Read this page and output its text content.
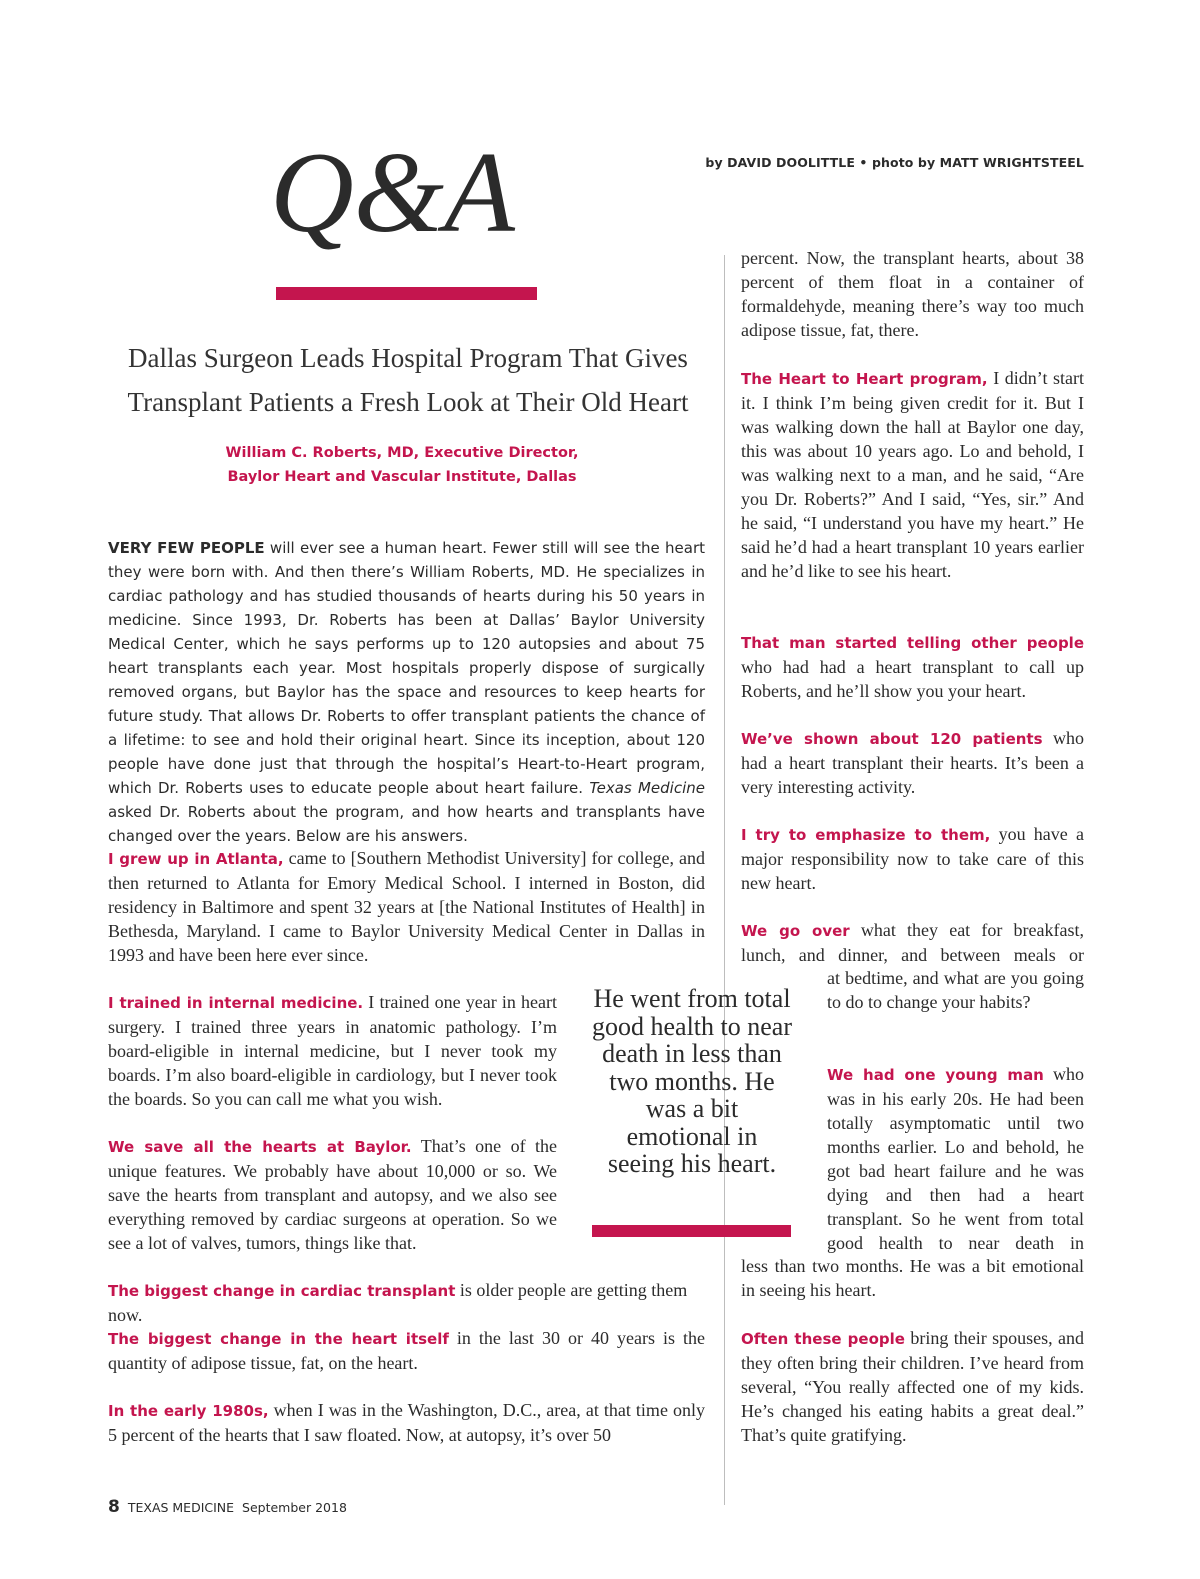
by DAVID DOOLITTLE • photo by MATT WRIGHTSTEEL
Q&A
Dallas Surgeon Leads Hospital Program That Gives
Transplant Patients a Fresh Look at Their Old Heart
William C. Roberts, MD, Executive Director,
Baylor Heart and Vascular Institute, Dallas

VERY FEW PEOPLE will ever see a human heart. Fewer still will see the heart they were born with. And then there’s William Roberts, MD. He specializes in cardiac pathology and has studied thousands of hearts during his 50 years in medicine. Since 1993, Dr. Roberts has been at Dallas’ Baylor University Medical Center, which he says performs up to 120 autopsies and about 75 heart transplants each year. Most hospitals properly dispose of surgically removed organs, but Baylor has the space and resources to keep hearts for future study. That allows Dr. Roberts to offer transplant patients the chance of a lifetime: to see and hold their original heart. Since its inception, about 120 people have done just that through the hospital’s Heart-to-Heart program, which Dr. Roberts uses to educate people about heart failure. Texas Medicine asked Dr. Roberts about the program, and how hearts and transplants have changed over the years. Below are his answers.

I grew up in Atlanta, came to [Southern Methodist University] for college, and then returned to Atlanta for Emory Medical School. I interned in Boston, did residency in Baltimore and spent 32 years at [the National Institutes of Health] in Bethesda, Maryland. I came to Baylor University Medical Center in Dallas in 1993 and have been here ever since.

I trained in internal medicine. I trained one year in heart surgery. I trained three years in anatomic pathology. I’m board-eligible in internal medicine, but I never took my boards. I’m also board-eligible in cardiology, but I never took the boards. So you can call me what you wish.

We save all the hearts at Baylor. That’s one of the unique features. We probably have about 10,000 or so. We save the hearts from transplant and autopsy, and we also see everything removed by cardiac surgeons at operation. So we see a lot of valves, tumors, things like that.

The biggest change in cardiac transplant is older people are getting them now.

The biggest change in the heart itself in the last 30 or 40 years is the quantity of adipose tissue, fat, on the heart.

In the early 1980s, when I was in the Washington, D.C., area, at that time only 5 percent of the hearts that I saw floated. Now, at autopsy, it’s over 50

He went from total good health to near death in less than two months. He was a bit emotional in seeing his heart.

percent. Now, the transplant hearts, about 38 percent of them float in a container of formaldehyde, meaning there’s way too much adipose tissue, fat, there.

The Heart to Heart program, I didn’t start it. I think I’m being given credit for it. But I was walking down the hall at Baylor one day, this was about 10 years ago. Lo and behold, I was walking next to a man, and he said, “Are you Dr. Roberts?” And I said, “Yes, sir.” And he said, “I understand you have my heart.” He said he’d had a heart transplant 10 years earlier and he’d like to see his heart.

That man started telling other people who had had a heart transplant to call up Roberts, and he’ll show you your heart.

We’ve shown about 120 patients who had a heart transplant their hearts. It’s been a very interesting activity.

I try to emphasize to them, you have a major responsibility now to take care of this new heart.

We go over what they eat for breakfast, lunch, and dinner, and between meals or

at bedtime, and what are you going to do to change your habits?

We had one young man who was in his early 20s. He had been totally asymptomatic until two months earlier. Lo and behold, he got bad heart failure and he was dying and then had a heart transplant. So he went from total good health to near death in

less than two months. He was a bit emotional in seeing his heart.

Often these people bring their spouses, and they often bring their children. I’ve heard from several, “You really affected one of my kids. He’s changed his eating habits a great deal.” That’s quite gratifying.

8 TEXAS MEDICINE September 2018
